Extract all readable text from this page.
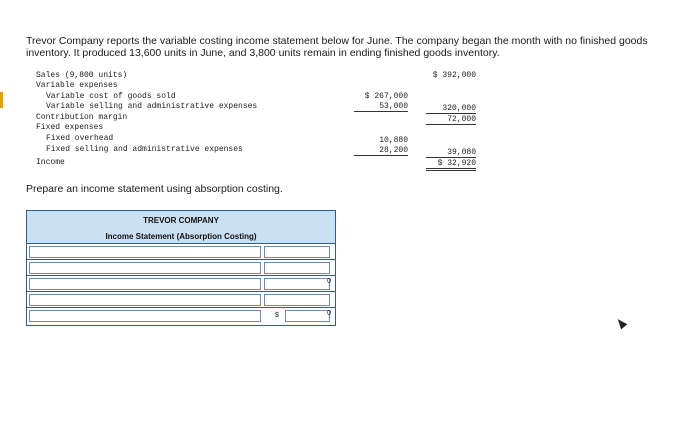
Trevor Company reports the variable costing income statement below for June. The company began the month with no finished goods inventory. It produced 13,600 units in June, and 3,800 units remain in ending finished goods inventory.
Sales (9,800 units)	$ 392,000
Variable expenses
Variable cost of goods sold	$ 267,000
Variable selling and administrative expenses	53,000	320,000
Contribution margin	72,000
Fixed expenses
Fixed overhead	10,880
Fixed selling and administrative expenses	28,200	39,080
Income	$ 32,920
Prepare an income statement using absorption costing.
TREVOR COMPANY
Income Statement (Absorption Costing)
0
$	0
